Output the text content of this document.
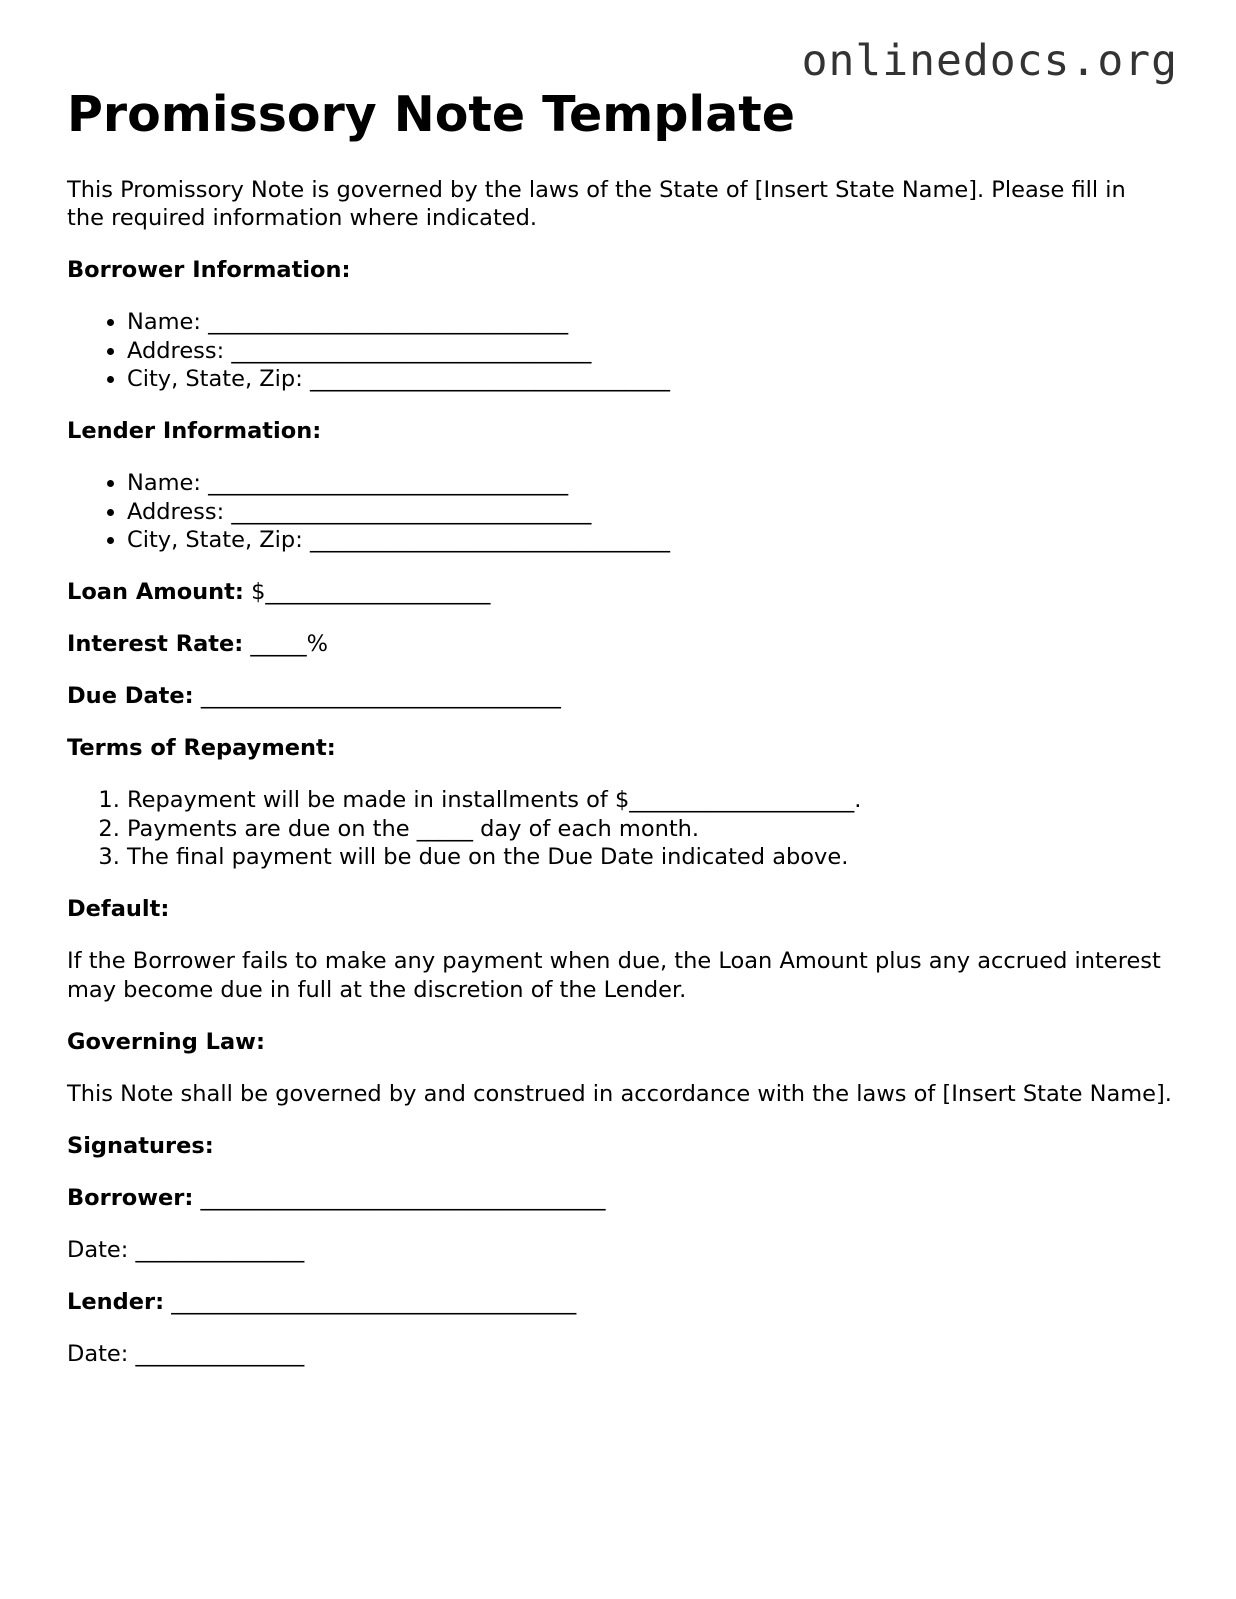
onlinedocs.org
Promissory Note Template

This Promissory Note is governed by the laws of the State of [Insert State Name]. Please fill in the required information where indicated.

Borrower Information:

• Name: ________________________________
• Address: ________________________________
• City, State, Zip: ________________________________

Lender Information:

• Name: ________________________________
• Address: ________________________________
• City, State, Zip: ________________________________

Loan Amount: $____________________

Interest Rate: _____%

Due Date: ________________________________

Terms of Repayment:

1. Repayment will be made in installments of $____________________.
2. Payments are due on the _____ day of each month.
3. The final payment will be due on the Due Date indicated above.

Default:

If the Borrower fails to make any payment when due, the Loan Amount plus any accrued interest may become due in full at the discretion of the Lender.

Governing Law:

This Note shall be governed by and construed in accordance with the laws of [Insert State Name].

Signatures:

Borrower: ____________________________________

Date: _______________

Lender: ____________________________________

Date: _______________
